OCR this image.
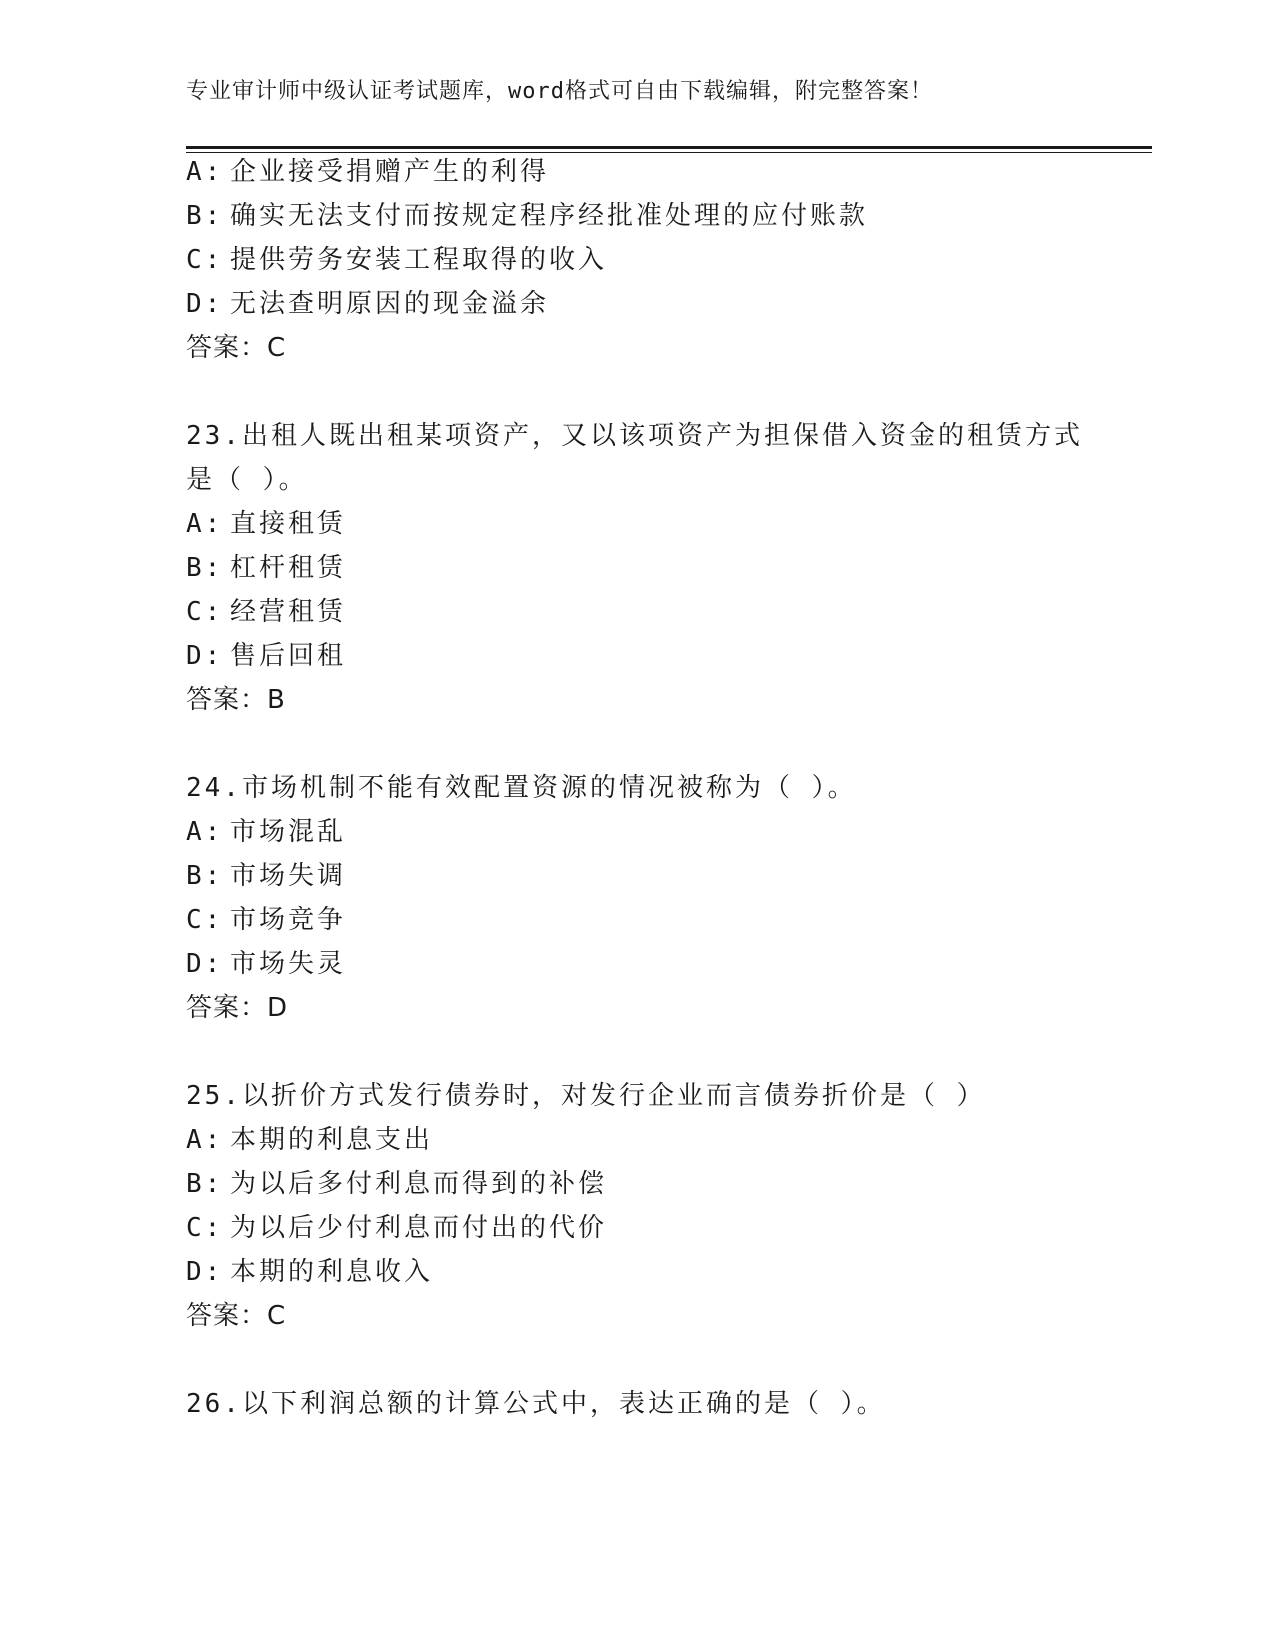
专业审计师中级认证考试题库，word格式可自由下载编辑，附完整答案！
A: 企业接受捐赠产生的利得
B: 确实无法支付而按规定程序经批准处理的应付账款
C: 提供劳务安装工程取得的收入
D: 无法查明原因的现金溢余
答案：C
23.出租人既出租某项资产，又以该项资产为担保借入资金的租赁方式
是（ ）。
A: 直接租赁
B: 杠杆租赁
C: 经营租赁
D: 售后回租
答案：B
24.市场机制不能有效配置资源的情况被称为（ ）。
A: 市场混乱
B: 市场失调
C: 市场竞争
D: 市场失灵
答案：D
25.以折价方式发行债券时，对发行企业而言债券折价是（ ）
A: 本期的利息支出
B: 为以后多付利息而得到的补偿
C: 为以后少付利息而付出的代价
D: 本期的利息收入
答案：C
26.以下利润总额的计算公式中，表达正确的是（ ）。
